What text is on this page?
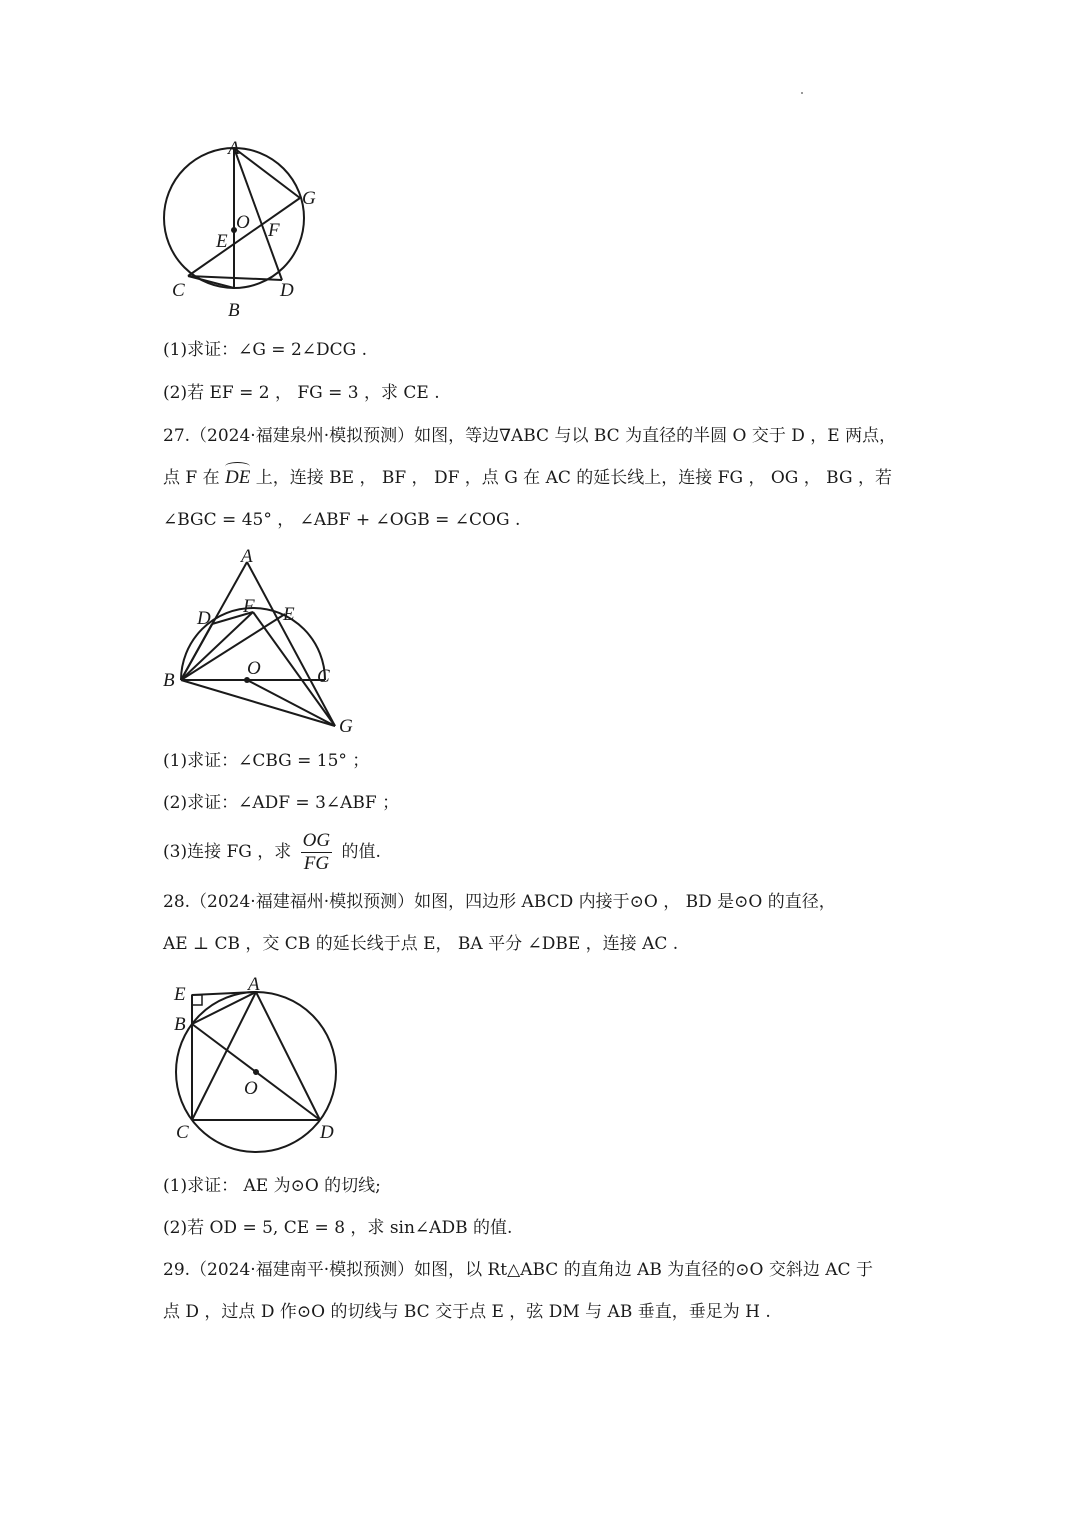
A
G
O
E
F
C
B
D
(1)求证：∠G = 2∠DCG .
(2)若 EF = 2 ， FG = 3 ，求 CE .
27.（2024·福建泉州·模拟预测）如图，等边∇ABC 与以 BC 为直径的半圆 O 交于 D ，E 两点，
点 F 在 DE 上，连接 BE ， BF ， DF ，点 G 在 AC 的延长线上，连接 FG ， OG ， BG ，若
∠BGC = 45° ， ∠ABF + ∠OGB = ∠COG .
A
D
F E
O
B	C
G
(1)求证：∠CBG = 15° ；
(2)求证：∠ADF = 3∠ABF ；
(3)连接 FG ，求 $\frac{OG}{FG}$ 的值.
28.（2024·福建福州·模拟预测）如图，四边形 ABCD 内接于⊙O ， BD 是⊙O 的直径，
AE ⊥ CB ，交 CB 的延长线于点 E， BA 平分 ∠DBE ，连接 AC .
E	A
B
O
C	D
(1)求证： AE 为⊙O 的切线;
(2)若 OD = 5, CE = 8 ，求 sin∠ADB 的值.
29.（2024·福建南平·模拟预测）如图，以 Rt△ABC 的直角边 AB 为直径的⊙O 交斜边 AC 于
点 D ，过点 D 作⊙O 的切线与 BC 交于点 E ，弦 DM 与 AB 垂直，垂足为 H .
